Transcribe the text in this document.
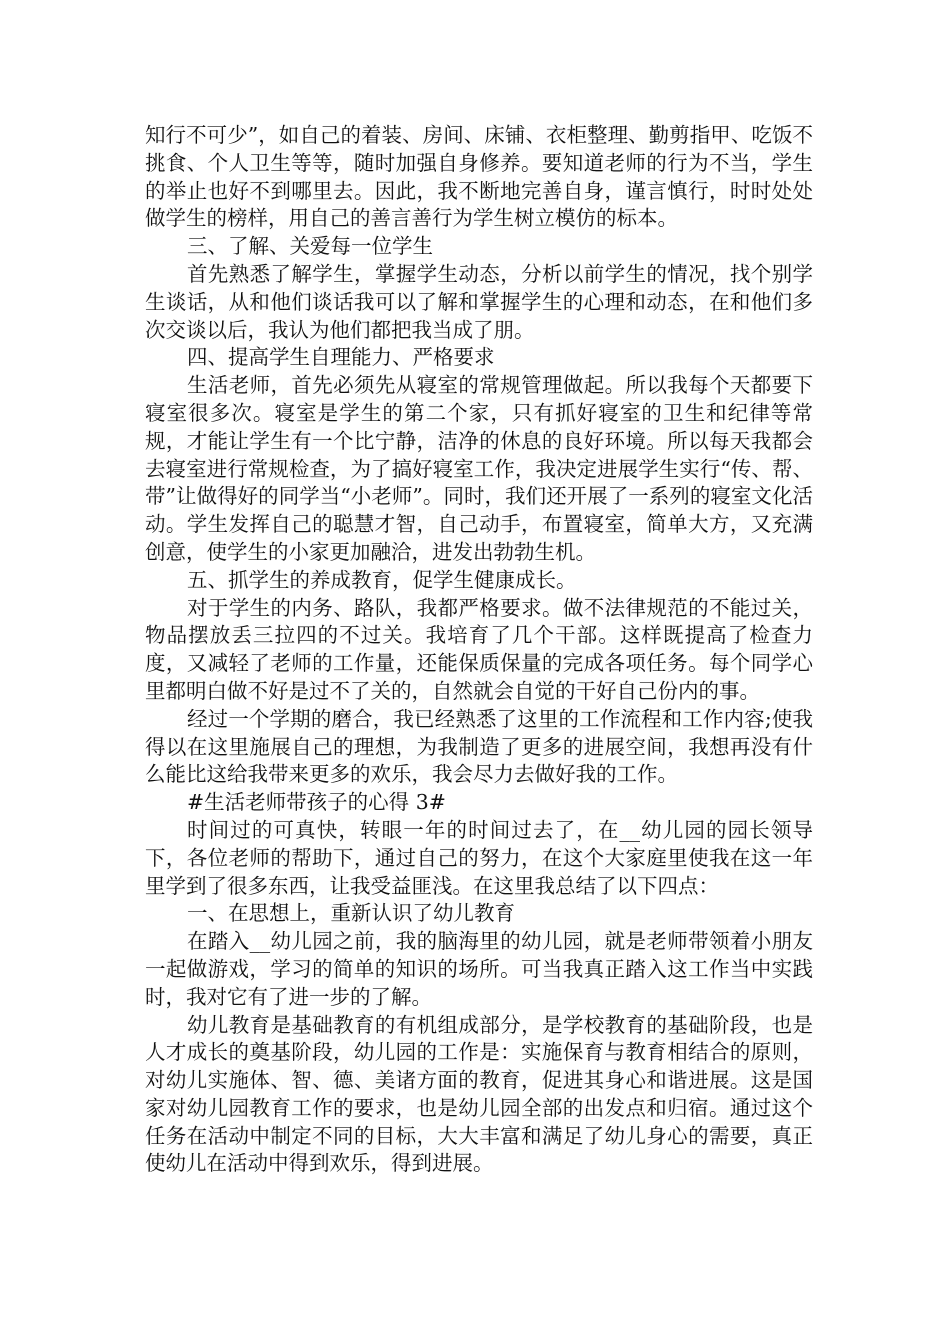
知行不可少”，如自己的着装、房间、床铺、衣柜整理、勤剪指甲、吃饭不挑食、个人卫生等等，随时加强自身修养。要知道老师的行为不当，学生的举止也好不到哪里去。因此，我不断地完善自身，谨言慎行，时时处处做学生的榜样，用自己的善言善行为学生树立模仿的标本。

三、了解、关爱每一位学生

首先熟悉了解学生，掌握学生动态，分析以前学生的情况，找个别学生谈话，从和他们谈话我可以了解和掌握学生的心理和动态，在和他们多次交谈以后，我认为他们都把我当成了朋。

四、提高学生自理能力、严格要求

生活老师，首先必须先从寝室的常规管理做起。所以我每个天都要下寝室很多次。寝室是学生的第二个家，只有抓好寝室的卫生和纪律等常规，才能让学生有一个比宁静，洁净的休息的良好环境。所以每天我都会去寝室进行常规检查，为了搞好寝室工作，我决定进展学生实行“传、帮、带”让做得好的同学当“小老师”。同时，我们还开展了一系列的寝室文化活动。学生发挥自己的聪慧才智，自己动手，布置寝室，简单大方，又充满创意，使学生的小家更加融洽，进发出勃勃生机。

五、抓学生的养成教育，促学生健康成长。

对于学生的内务、路队，我都严格要求。做不法律规范的不能过关，物品摆放丢三拉四的不过关。我培育了几个干部。这样既提高了检查力度，又减轻了老师的工作量，还能保质保量的完成各项任务。每个同学心里都明白做不好是过不了关的，自然就会自觉的干好自己份内的事。

经过一个学期的磨合，我已经熟悉了这里的工作流程和工作内容;使我得以在这里施展自己的理想，为我制造了更多的进展空间，我想再没有什么能比这给我带来更多的欢乐，我会尽力去做好我的工作。

#生活老师带孩子的心得 3#

时间过的可真快，转眼一年的时间过去了，在__幼儿园的园长领导下，各位老师的帮助下，通过自己的努力，在这个大家庭里使我在这一年里学到了很多东西，让我受益匪浅。在这里我总结了以下四点：

一、在思想上，重新认识了幼儿教育

在踏入__幼儿园之前，我的脑海里的幼儿园，就是老师带领着小朋友一起做游戏，学习的简单的知识的场所。可当我真正踏入这工作当中实践时，我对它有了进一步的了解。

幼儿教育是基础教育的有机组成部分，是学校教育的基础阶段，也是人才成长的奠基阶段，幼儿园的工作是：实施保育与教育相结合的原则，对幼儿实施体、智、德、美诸方面的教育，促进其身心和谐进展。这是国家对幼儿园教育工作的要求，也是幼儿园全部的出发点和归宿。通过这个任务在活动中制定不同的目标，大大丰富和满足了幼儿身心的需要，真正使幼儿在活动中得到欢乐，得到进展。
